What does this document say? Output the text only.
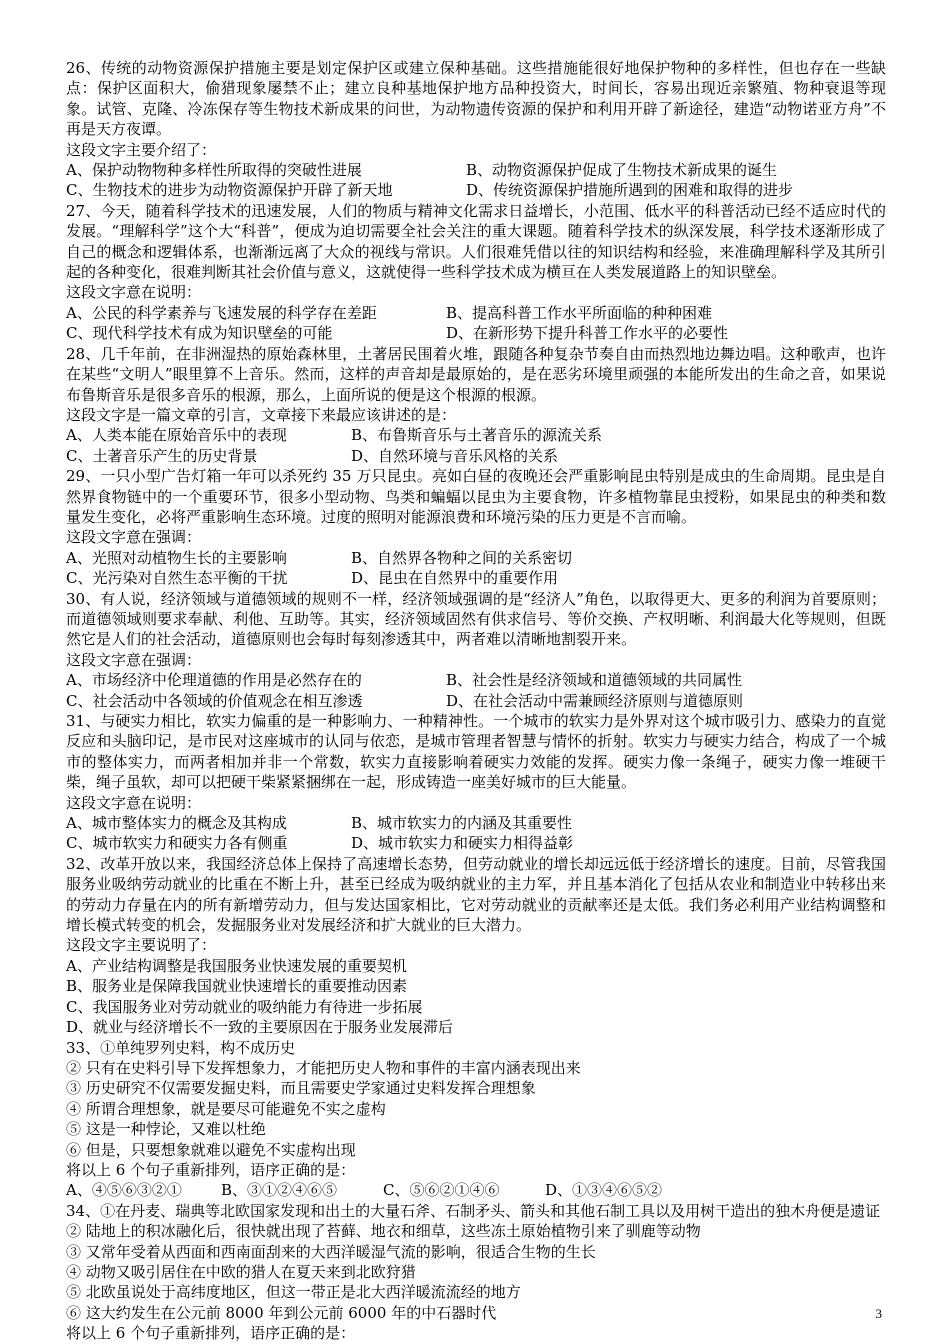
26、传统的动物资源保护措施主要是划定保护区或建立保种基础。这些措施能很好地保护物种的多样性，但也存在一些缺点：保护区面积大，偷猎现象屡禁不止；建立良种基地保护地方品种投资大，时间长，容易出现近亲繁殖、物种衰退等现象。试管、克隆、冷冻保存等生物技术新成果的问世，为动物遗传资源的保护和利用开辟了新途径，建造“动物诺亚方舟”不再是天方夜谭。

这段文字主要介绍了：

A、保护动物物种多样性所取得的突破性进展	B、动物资源保护促成了生物技术新成果的诞生
C、生物技术的进步为动物资源保护开辟了新天地	D、传统资源保护措施所遇到的困难和取得的进步

27、今天，随着科学技术的迅速发展，人们的物质与精神文化需求日益增长，小范围、低水平的科普活动已经不适应时代的发展。“理解科学”这个大“科普”，便成为迫切需要全社会关注的重大课题。随着科学技术的纵深发展，科学技术逐渐形成了自己的概念和逻辑体系，也渐渐远离了大众的视线与常识。人们很难凭借以往的知识结构和经验，来准确理解科学及其所引起的各种变化，很难判断其社会价值与意义，这就使得一些科学技术成为横亘在人类发展道路上的知识壁垒。

这段文字意在说明：

A、公民的科学素养与飞速发展的科学存在差距	B、提高科普工作水平所面临的种种困难
C、现代科学技术有成为知识壁垒的可能	D、在新形势下提升科普工作水平的必要性

28、几千年前，在非洲湿热的原始森林里，土著居民围着火堆，跟随各种复杂节奏自由而热烈地边舞边唱。这种歌声，也许在某些“文明人”眼里算不上音乐。然而，这样的声音却是最原始的，是在恶劣环境里顽强的本能所发出的生命之音，如果说布鲁斯音乐是很多音乐的根源，那么，上面所说的便是这个根源的根源。

这段文字是一篇文章的引言，文章接下来最应该讲述的是：

A、人类本能在原始音乐中的表现	B、布鲁斯音乐与土著音乐的源流关系
C、土著音乐产生的历史背景	D、自然环境与音乐风格的关系

29、一只小型广告灯箱一年可以杀死约 35 万只昆虫。亮如白昼的夜晚还会严重影响昆虫特别是成虫的生命周期。昆虫是自然界食物链中的一个重要环节，很多小型动物、鸟类和蝙蝠以昆虫为主要食物，许多植物靠昆虫授粉，如果昆虫的种类和数量发生变化，必将严重影响生态环境。过度的照明对能源浪费和环境污染的压力更是不言而喻。

这段文字意在强调：

A、光照对动植物生长的主要影响	B、自然界各物种之间的关系密切
C、光污染对自然生态平衡的干扰	D、昆虫在自然界中的重要作用

30、有人说，经济领域与道德领域的规则不一样，经济领域强调的是“经济人”角色，以取得更大、更多的利润为首要原则；而道德领域则要求奉献、利他、互助等。其实，经济领域固然有供求信号、等价交换、产权明晰、利润最大化等规则，但既然它是人们的社会活动，道德原则也会每时每刻渗透其中，两者难以清晰地割裂开来。

这段文字意在强调：

A、市场经济中伦理道德的作用是必然存在的	B、社会性是经济领域和道德领域的共同属性
C、社会活动中各领域的价值观念在相互渗透	D、在社会活动中需兼顾经济原则与道德原则

31、与硬实力相比，软实力偏重的是一种影响力、一种精神性。一个城市的软实力是外界对这个城市吸引力、感染力的直觉反应和头脑印记，是市民对这座城市的认同与依恋，是城市管理者智慧与情怀的折射。软实力与硬实力结合，构成了一个城市的整体实力，而两者相加并非一个常数，软实力直接影响着硬实力效能的发挥。硬实力像一条绳子，硬实力像一堆硬干柴，绳子虽软，却可以把硬干柴紧紧捆绑在一起，形成铸造一座美好城市的巨大能量。

这段文字意在说明：

A、城市整体实力的概念及其构成	B、城市软实力的内涵及其重要性
C、城市软实力和硬实力各有侧重	D、城市软实力和硬实力相得益彰

32、改革开放以来，我国经济总体上保持了高速增长态势，但劳动就业的增长却远远低于经济增长的速度。目前，尽管我国服务业吸纳劳动就业的比重在不断上升，甚至已经成为吸纳就业的主力军，并且基本消化了包括从农业和制造业中转移出来的劳动力存量在内的所有新增劳动力，但与发达国家相比，它对劳动就业的贡献率还是太低。我们务必利用产业结构调整和增长模式转变的机会，发掘服务业对发展经济和扩大就业的巨大潜力。

这段文字主要说明了：

A、产业结构调整是我国服务业快速发展的重要契机

B、服务业是保障我国就业快速增长的重要推动因素

C、我国服务业对劳动就业的吸纳能力有待进一步拓展

D、就业与经济增长不一致的主要原因在于服务业发展滞后

33、①单纯罗列史料，构不成历史

② 只有在史料引导下发挥想象力，才能把历史人物和事件的丰富内涵表现出来

③ 历史研究不仅需要发掘史料，而且需要史学家通过史料发挥合理想象

④ 所谓合理想象，就是要尽可能避免不实之虚构

⑤ 这是一种悖论，又难以杜绝

⑥ 但是，只要想象就难以避免不实虚构出现

将以上 6 个句子重新排列，语序正确的是：

A、④⑤⑥③②①	B、③①②④⑥⑤	C、⑤⑥②①④⑥	D、①③④⑥⑤②

34、①在丹麦、瑞典等北欧国家发现和出土的大量石斧、石制矛头、箭头和其他石制工具以及用树干造出的独木舟便是遗证

② 陆地上的积冰融化后，很快就出现了苔藓、地衣和细草，这些冻土原始植物引来了驯鹿等动物

③ 又常年受着从西面和西南面刮来的大西洋暖湿气流的影响，很适合生物的生长

④ 动物又吸引居住在中欧的猎人在夏天来到北欧狩猎

⑤ 北欧虽说处于高纬度地区，但这一带正是北大西洋暖流流经的地方

⑥ 这大约发生在公元前 8000 年到公元前 6000 年的中石器时代

将以上 6 个句子重新排列，语序正确的是：

3
